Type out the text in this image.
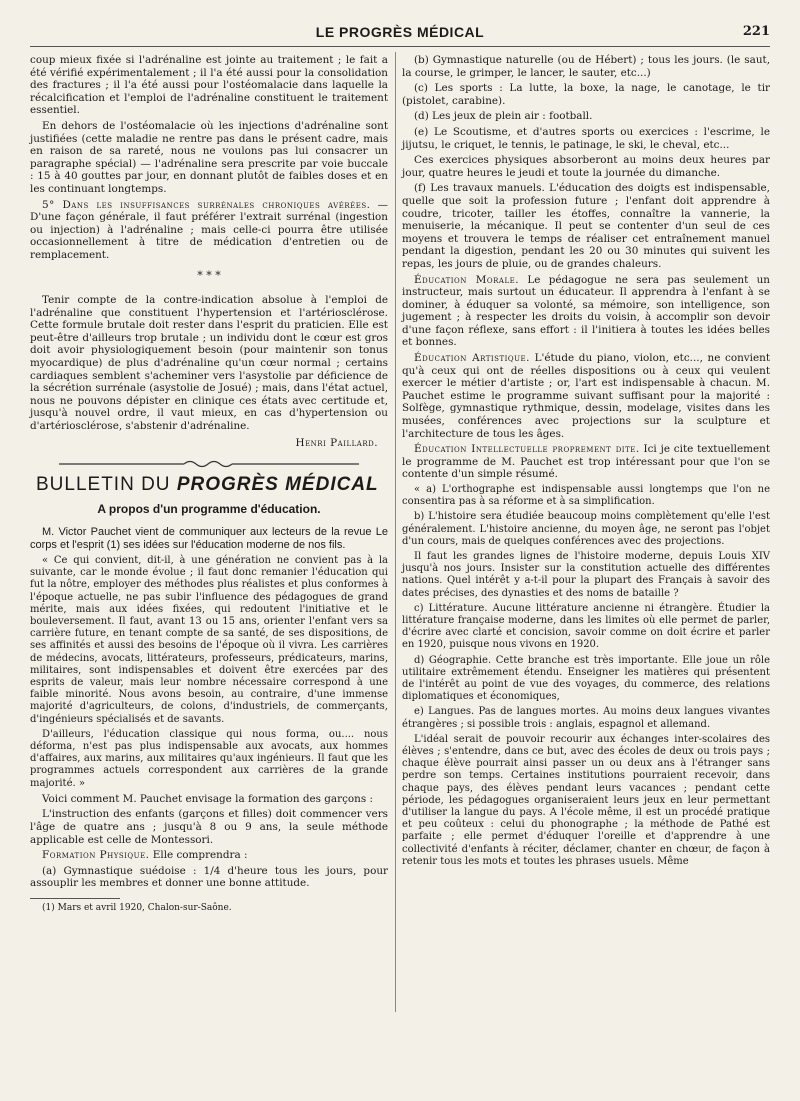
LE PROGRÈS MÉDICAL	221

coup mieux fixée si l'adrénaline est jointe au traitement ; le fait a été vérifié expérimentalement ; il l'a été aussi pour la consolidation des fractures ; il l'a été aussi pour l'ostéomalacie dans laquelle la récalcification et l'emploi de l'adrénaline constituent le traitement essentiel.

En dehors de l'ostéomalacie où les injections d'adrénaline sont justifiées (cette maladie ne rentre pas dans le présent cadre, mais en raison de sa rareté, nous ne voulons pas lui consacrer un paragraphe spécial) — l'adrénaline sera prescrite par voie buccale : 15 à 40 gouttes par jour, en donnant plutôt de faibles doses et en les continuant longtemps.

5° Dans les insuffisances surrénales chroniques avérées. — D'une façon générale, il faut préférer l'extrait surrénal (ingestion ou injection) à l'adrénaline ; mais celle-ci pourra être utilisée occasionnellement à titre de médication d'entretien ou de remplacement.

* * *

Tenir compte de la contre-indication absolue à l'emploi de l'adrénaline que constituent l'hypertension et l'artériosclérose. Cette formule brutale doit rester dans l'esprit du praticien. Elle est peut-être d'ailleurs trop brutale ; un individu dont le cœur est gros doit avoir physiologiquement besoin (pour maintenir son tonus myocardique) de plus d'adrénaline qu'un cœur normal ; certains cardiaques semblent s'acheminer vers l'asystolie par déficience de la sécrétion surrénale (asystolie de Josué) ; mais, dans l'état actuel, nous ne pouvons dépister en clinique ces états avec certitude et, jusqu'à nouvel ordre, il vaut mieux, en cas d'hypertension ou d'artériosclérose, s'abstenir d'adrénaline.

Henri Paillard.
BULLETIN DU PROGRÈS MÉDICAL
A propos d'un programme d'éducation.

M. Victor Pauchet vient de communiquer aux lecteurs de la revue Le corps et l'esprit (1) ses idées sur l'éducation moderne de nos fils.

« Ce qui convient, dit-il, à une génération ne convient pas à la suivante, car le monde évolue ; il faut donc remanier l'éducation qui fut la nôtre, employer des méthodes plus réalistes et plus conformes à l'époque actuelle, ne pas subir l'influence des pédagogues de grand mérite, mais aux idées fixées, qui redoutent l'initiative et le bouleversement. Il faut, avant 13 ou 15 ans, orienter l'enfant vers sa carrière future, en tenant compte de sa santé, de ses dispositions, de ses affinités et aussi des besoins de l'époque où il vivra. Les carrières de médecins, avocats, littérateurs, professeurs, prédicateurs, marins, militaires, sont indispensables et doivent être exercées par des esprits de valeur, mais leur nombre nécessaire correspond à une faible minorité. Nous avons besoin, au contraire, d'une immense majorité d'agriculteurs, de colons, d'industriels, de commerçants, d'ingénieurs spécialisés et de savants.

D'ailleurs, l'éducation classique qui nous forma, ou.... nous déforma, n'est pas plus indispensable aux avocats, aux hommes d'affaires, aux marins, aux militaires qu'aux ingénieurs. Il faut que les programmes actuels correspondent aux carrières de la grande majorité. »

Voici comment M. Pauchet envisage la formation des garçons :

L'instruction des enfants (garçons et filles) doit commencer vers l'âge de quatre ans ; jusqu'à 8 ou 9 ans, la seule méthode applicable est celle de Montessori.

Formation Physique. Elle comprendra :

(a) Gymnastique suédoise : 1/4 d'heure tous les jours, pour assouplir les membres et donner une bonne attitude.

(1) Mars et avril 1920, Chalon-sur-Saône.

(b) Gymnastique naturelle (ou de Hébert) ; tous les jours. (le saut, la course, le grimper, le lancer, le sauter, etc...)

(c) Les sports : La lutte, la boxe, la nage, le canotage, le tir (pistolet, carabine).

(d) Les jeux de plein air : football.

(e) Le Scoutisme, et d'autres sports ou exercices : l'escrime, le jijutsu, le criquet, le tennis, le patinage, le ski, le cheval, etc...

Ces exercices physiques absorberont au moins deux heures par jour, quatre heures le jeudi et toute la journée du dimanche.

(f) Les travaux manuels. L'éducation des doigts est indispensable, quelle que soit la profession future ; l'enfant doit apprendre à coudre, tricoter, tailler les étoffes, connaître la vannerie, la menuiserie, la mécanique. Il peut se contenter d'un seul de ces moyens et trouvera le temps de réaliser cet entraînement manuel pendant la digestion, pendant les 20 ou 30 minutes qui suivent les repas, les jours de pluie, ou de grandes chaleurs.

Éducation Morale. Le pédagogue ne sera pas seulement un instructeur, mais surtout un éducateur. Il apprendra à l'enfant à se dominer, à éduquer sa volonté, sa mémoire, son intelligence, son jugement ; à respecter les droits du voisin, à accomplir son devoir d'une façon réflexe, sans effort : il l'initiera à toutes les idées belles et bonnes.

Éducation Artistique. L'étude du piano, violon, etc..., ne convient qu'à ceux qui ont de réelles dispositions ou à ceux qui veulent exercer le métier d'artiste ; or, l'art est indispensable à chacun. M. Pauchet estime le programme suivant suffisant pour la majorité : Solfège, gymnastique rythmique, dessin, modelage, visites dans les musées, conférences avec projections sur la sculpture et l'architecture de tous les âges.

Éducation Intellectuelle proprement dite. Ici je cite textuellement le programme de M. Pauchet est trop intéressant pour que l'on se contente d'un simple résumé.

« a) L'orthographe est indispensable aussi longtemps que l'on ne consentira pas à sa réforme et à sa simplification.

b) L'histoire sera étudiée beaucoup moins complètement qu'elle l'est généralement. L'histoire ancienne, du moyen âge, ne seront pas l'objet d'un cours, mais de quelques conférences avec des projections.

Il faut les grandes lignes de l'histoire moderne, depuis Louis XIV jusqu'à nos jours. Insister sur la constitution actuelle des différentes nations. Quel intérêt y a-t-il pour la plupart des Français à savoir des dates précises, des dynasties et des noms de bataille ?

c) Littérature. Aucune littérature ancienne ni étrangère. Étudier la littérature française moderne, dans les limites où elle permet de parler, d'écrire avec clarté et concision, savoir comme on doit écrire et parler en 1920, puisque nous vivons en 1920.

d) Géographie. Cette branche est très importante. Elle joue un rôle utilitaire extrêmement étendu. Enseigner les matières qui présentent de l'intérêt au point de vue des voyages, du commerce, des relations diplomatiques et économiques,

e) Langues. Pas de langues mortes. Au moins deux langues vivantes étrangères ; si possible trois : anglais, espagnol et allemand.

L'idéal serait de pouvoir recourir aux échanges inter-scolaires des élèves ; s'entendre, dans ce but, avec des écoles de deux ou trois pays ; chaque élève pourrait ainsi passer un ou deux ans à l'étranger sans perdre son temps. Certaines institutions pourraient recevoir, dans chaque pays, des élèves pendant leurs vacances ; pendant cette période, les pédagogues organiseraient leurs jeux en leur permettant d'utiliser la langue du pays. A l'école même, il est un procédé pratique et peu coûteux : celui du phonographe ; la méthode de Pathé est parfaite ; elle permet d'éduquer l'oreille et d'apprendre à une collectivité d'enfants à réciter, déclamer, chanter en chœur, de façon à retenir tous les mots et toutes les phrases usuels. Même
